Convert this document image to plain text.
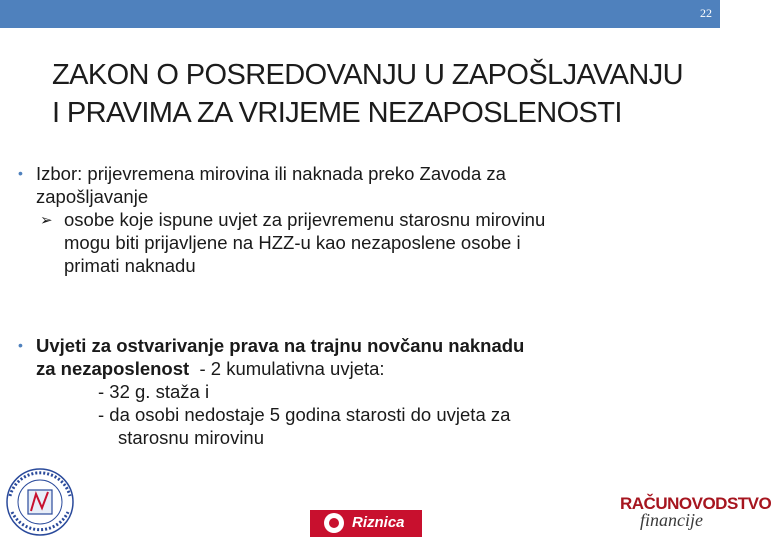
22
ZAKON O POSREDOVANJU U ZAPOŠLJAVANJU
I PRAVIMA ZA VRIJEME NEZAPOSLENOSTI
• Izbor: prijevremena mirovina ili naknada preko Zavoda za
zapošljavanje
➢ osobe koje ispune uvjet za prijevremenu starosnu mirovinu
mogu biti prijavljene na HZZ-u kao nezaposlene osobe i
primati naknadu
• Uvjeti za ostvarivanje prava na trajnu novčanu naknadu
za nezaposlenost  - 2 kumulativna uvjeta:
- 32 g. staža i
- da osobi nedostaje 5 godina starosti do uvjeta za
starosnu mirovinu
Riznica
RAČUNOVODSTVO
financije
